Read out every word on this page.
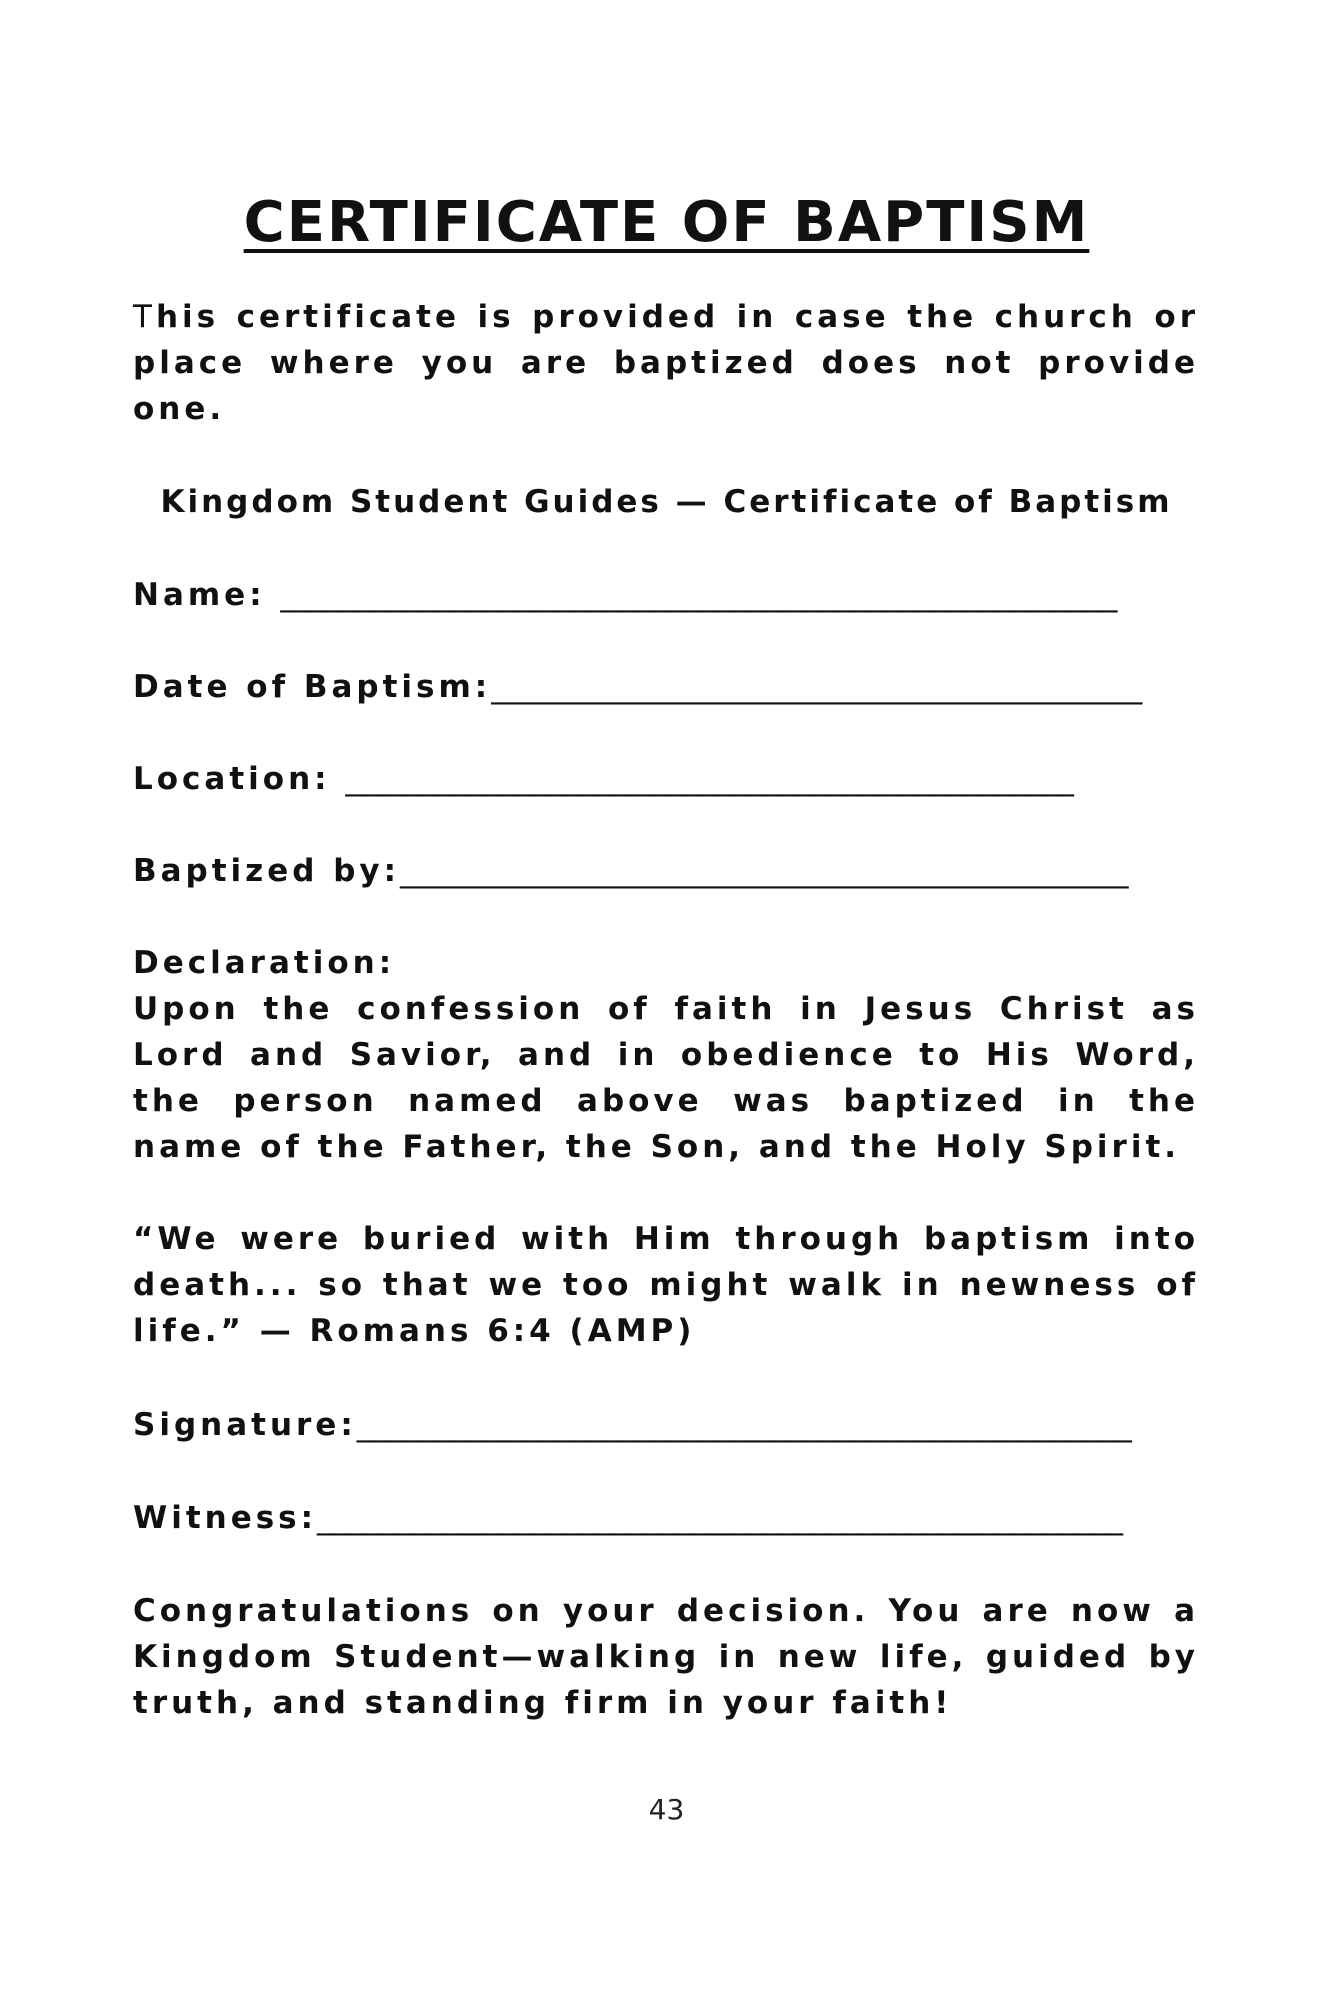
CERTIFICATE OF BAPTISM
This certificate is provided in case the church or place where you are baptized does not provide one.
Kingdom Student Guides — Certificate of Baptism
Name: ______________________________________________________
Date of Baptism:__________________________________________
Location: _______________________________________________
Baptized by:_______________________________________________
Declaration:
Upon the confession of faith in Jesus Christ as Lord and Savior, and in obedience to His Word, the person named above was baptized in the name of the Father, the Son, and the Holy Spirit.
“We were buried with Him through baptism into death... so that we too might walk in newness of life.” — Romans 6:4 (AMP)
Signature:__________________________________________________
Witness:____________________________________________________
Congratulations on your decision. You are now a Kingdom Student—walking in new life, guided by truth, and standing firm in your faith!
43
